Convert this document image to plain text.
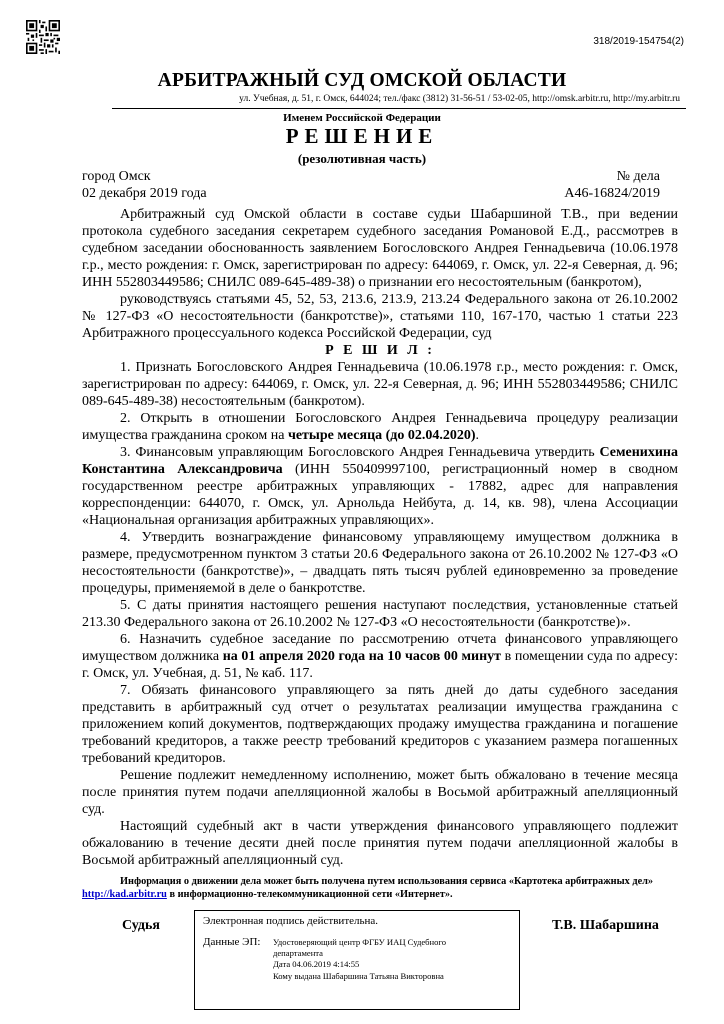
318/2019-154754(2)
АРБИТРАЖНЫЙ СУД ОМСКОЙ ОБЛАСТИ
ул. Учебная, д. 51, г. Омск, 644024; тел./факс (3812) 31-56-51 / 53-02-05, http://omsk.arbitr.ru, http://my.arbitr.ru
Именем Российской Федерации
РЕШЕНИЕ
(резолютивная часть)
город Омск
02 декабря 2019 года
№ дела
А46-16824/2019

Арбитражный суд Омской области в составе судьи Шабаршиной Т.В., при ведении протокола судебного заседания секретарем судебного заседания Романовой Е.Д., рассмотрев в судебном заседании обоснованность заявлением Богословского Андрея Геннадьевича (10.06.1978 г.р., место рождения: г. Омск, зарегистрирован по адресу: 644069, г. Омск, ул. 22-я Северная, д. 96; ИНН 552803449586; СНИЛС 089-645-489-38) о признании его несостоятельным (банкротом),

руководствуясь статьями 45, 52, 53, 213.6, 213.9, 213.24 Федерального закона от 26.10.2002 № 127-ФЗ «О несостоятельности (банкротстве)», статьями 110, 167-170, частью 1 статьи 223 Арбитражного процессуального кодекса Российской Федерации, суд

Р Е Ш И Л :

1. Признать Богословского Андрея Геннадьевича (10.06.1978 г.р., место рождения: г. Омск, зарегистрирован по адресу: 644069, г. Омск, ул. 22-я Северная, д. 96; ИНН 552803449586; СНИЛС 089-645-489-38) несостоятельным (банкротом).

2. Открыть в отношении Богословского Андрея Геннадьевича процедуру реализации имущества гражданина сроком на четыре месяца (до 02.04.2020).

3. Финансовым управляющим Богословского Андрея Геннадьевича утвердить Семенихина Константина Александровича (ИНН 550409997100, регистрационный номер в сводном государственном реестре арбитражных управляющих - 17882, адрес для направления корреспонденции: 644070, г. Омск, ул. Арнольда Нейбута, д. 14, кв. 98), члена Ассоциации «Национальная организация арбитражных управляющих».

4. Утвердить вознаграждение финансовому управляющему имуществом должника в размере, предусмотренном пунктом 3 статьи 20.6 Федерального закона от 26.10.2002 № 127-ФЗ «О несостоятельности (банкротстве)», – двадцать пять тысяч рублей единовременно за проведение процедуры, применяемой в деле о банкротстве.

5. С даты принятия настоящего решения наступают последствия, установленные статьей 213.30 Федерального закона от 26.10.2002 № 127-ФЗ «О несостоятельности (банкротстве)».

6. Назначить судебное заседание по рассмотрению отчета финансового управляющего имуществом должника на 01 апреля 2020 года на 10 часов 00 минут в помещении суда по адресу: г. Омск, ул. Учебная, д. 51, № каб. 117.

7. Обязать финансового управляющего за пять дней до даты судебного заседания представить в арбитражный суд отчет о результатах реализации имущества гражданина с приложением копий документов, подтверждающих продажу имущества гражданина и погашение требований кредиторов, а также реестр требований кредиторов с указанием размера погашенных требований кредиторов.

Решение подлежит немедленному исполнению, может быть обжаловано в течение месяца после принятия путем подачи апелляционной жалобы в Восьмой арбитражный апелляционный суд.

Настоящий судебный акт в части утверждения финансового управляющего подлежит обжалованию в течение десяти дней после принятия путем подачи апелляционной жалобы в Восьмой арбитражный апелляционный суд.

Информация о движении дела может быть получена путем использования сервиса «Картотека арбитражных дел» http://kad.arbitr.ru в информационно-телекоммуникационной сети «Интернет».
Судья	Электронная подпись действительна.
Данные ЭП: Удостоверяющий центр ФГБУ ИАЦ Судебного
департамента
Дата 04.06.2019 4:14:55
Кому выдана Шабаршина Татьяна Викторовна
Т.В. Шабаршина
